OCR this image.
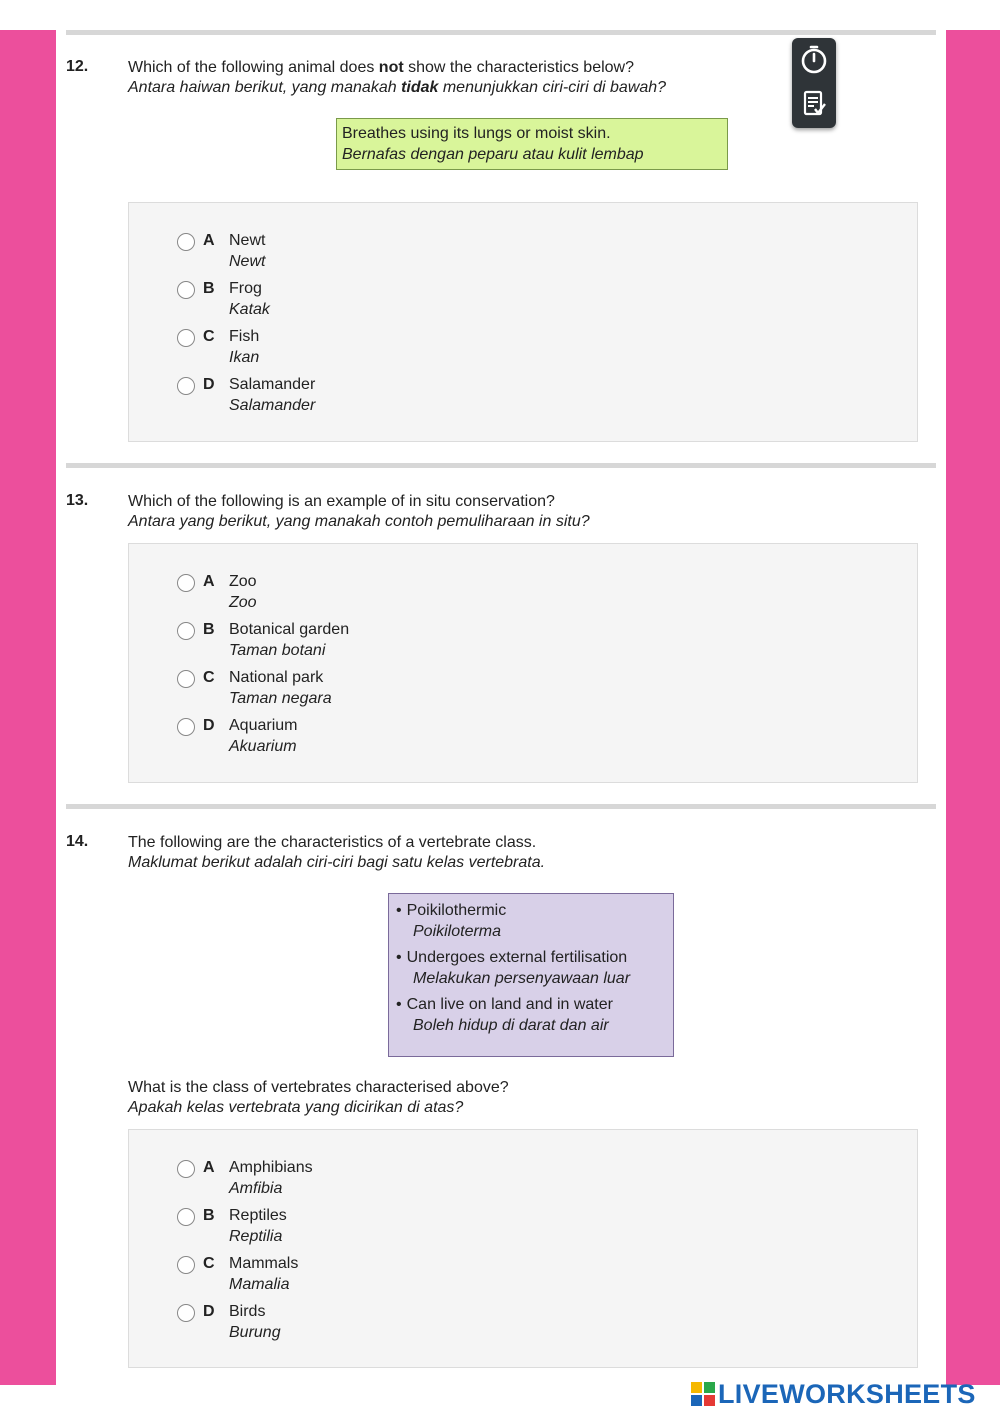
12. Which of the following animal does not show the characteristics below?
Antara haiwan berikut, yang manakah tidak menunjukkan ciri-ciri di bawah?
Breathes using its lungs or moist skin.
Bernafas dengan peparu atau kulit lembap
A Newt
Newt
B Frog
Katak
C Fish
Ikan
D Salamander
Salamander
13. Which of the following is an example of in situ conservation?
Antara yang berikut, yang manakah contoh pemuliharaan in situ?
A Zoo
Zoo
B Botanical garden
Taman botani
C National park
Taman negara
D Aquarium
Akuarium
14. The following are the characteristics of a vertebrate class.
Maklumat berikut adalah ciri-ciri bagi satu kelas vertebrata.
• Poikilothermic
Poikiloterma
• Undergoes external fertilisation
Melakukan persenyawaan luar
• Can live on land and in water
Boleh hidup di darat dan air
What is the class of vertebrates characterised above?
Apakah kelas vertebrata yang dicirikan di atas?
A Amphibians
Amfibia
B Reptiles
Reptilia
C Mammals
Mamalia
D Birds
Burung
LIVEWORKSHEETS
